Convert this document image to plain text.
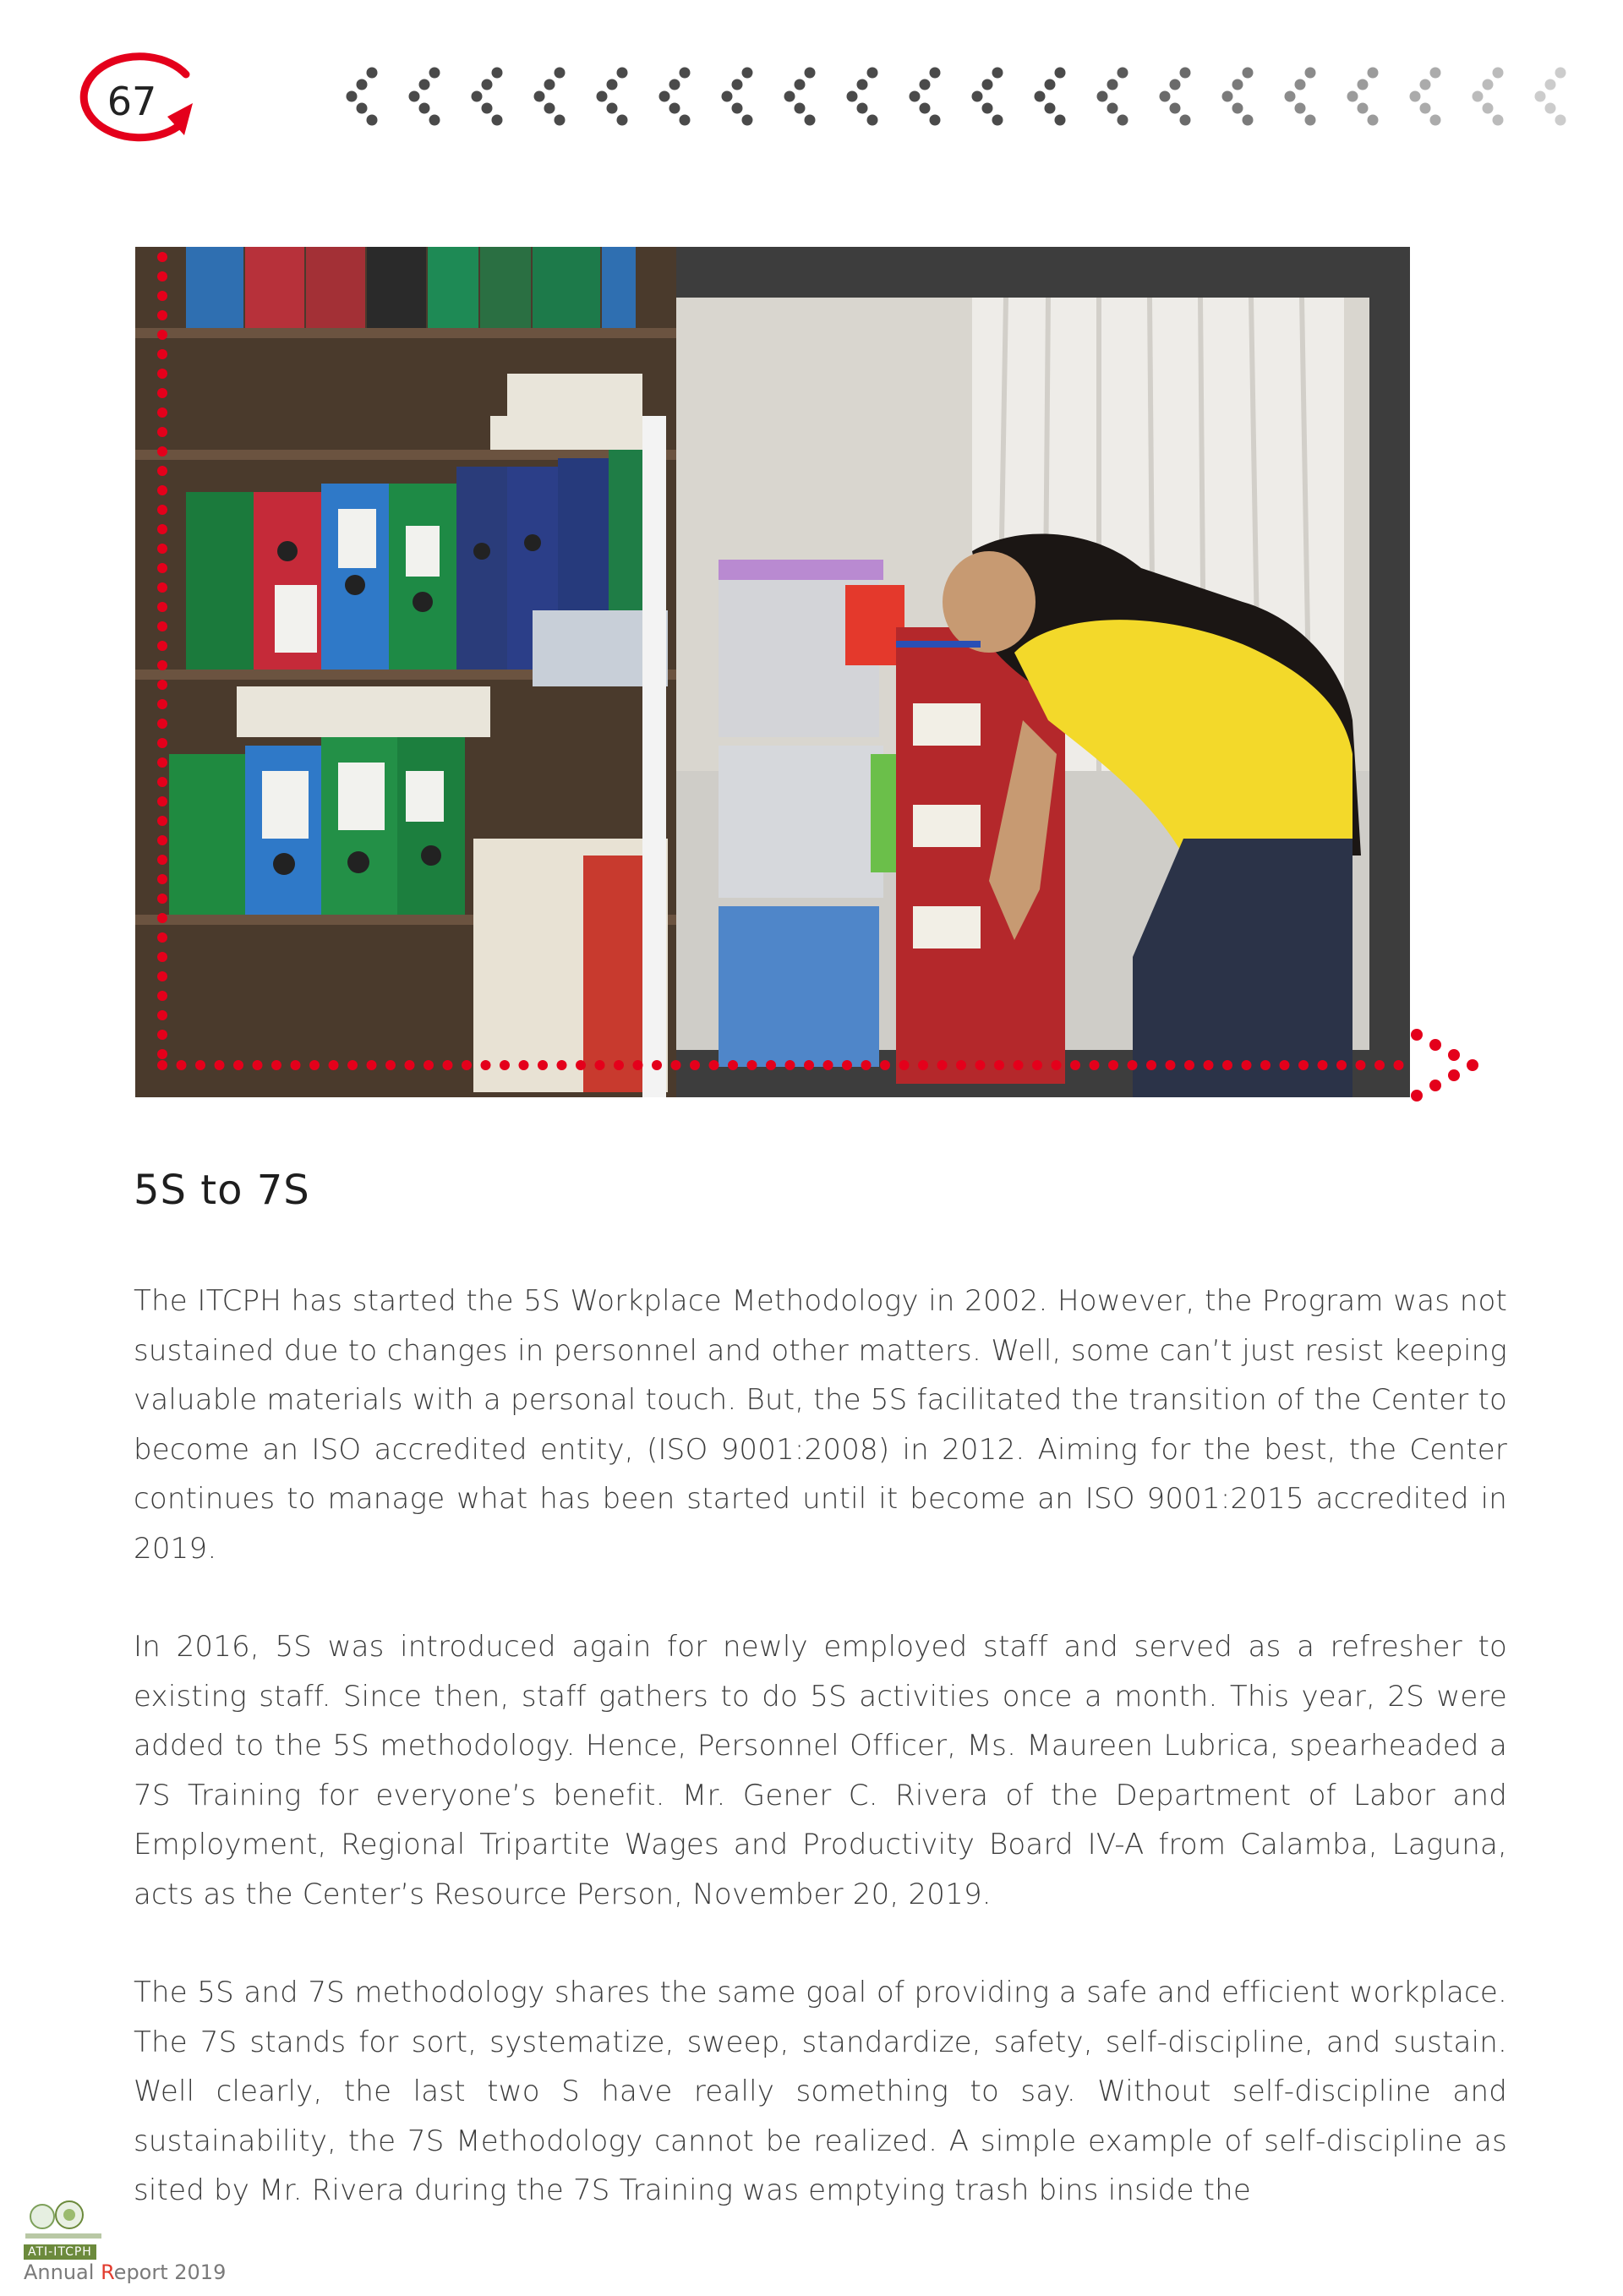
67
5S to 7S

The ITCPH has started the 5S Workplace Methodology in 2002. However, the Program was not sustained due to changes in personnel and other matters. Well, some can’t just resist keeping valuable materials with a personal touch. But, the 5S facilitated the transition of the Center to become an ISO accredited entity, (ISO 9001:2008) in 2012. Aiming for the best, the Center continues to manage what has been started until it become an ISO 9001:2015 accredited in 2019.

In 2016, 5S was introduced again for newly employed staff and served as a refresher to existing staff. Since then, staff gathers to do 5S activities once a month. This year, 2S were added to the 5S methodology. Hence, Personnel Officer, Ms. Maureen Lubrica, spearheaded a 7S Training for everyone’s benefit. Mr. Gener C. Rivera of the Department of Labor and Employment, Regional Tripartite Wages and Productivity Board IV-A from Calamba, Laguna, acts as the Center’s Resource Person, November 20, 2019.

The 5S and 7S methodology shares the same goal of providing a safe and efficient workplace. The 7S stands for sort, systematize, sweep, standardize, safety, self-discipline, and sustain. Well clearly, the last two S have really something to say. Without self-discipline and sustainability, the 7S Methodology cannot be realized. A simple example of self-discipline as sited by Mr. Rivera during the 7S Training was emptying trash bins inside the

ATI-ITCPH
Annual Report 2019
